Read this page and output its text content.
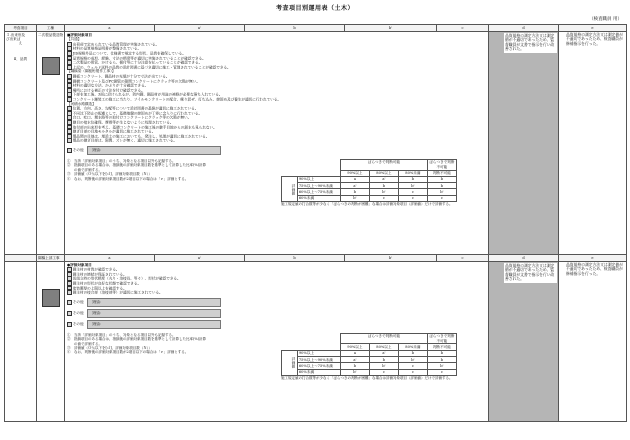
考査項目別運用表（土木）
（検査職員 用）
考査項目	工種	a	a'	b	b'	c	d	e

３.出来形及
び出来ば
え
Ⅱ．品質

二次製品製造物	■評価対象項目
【共通】
出荷前で定められている品質管理が実施されている。
材料の品質規格証明書が整備されている。
JIS規格外品について、仕様書で規定する形状、品質を確保している。
品質規格の成形、経験、寸法の精度等が適切に実施されていることが確認できる。
二次製品の保管、かけるら、据付等に十分注意を払っていることが確認できる。
上記の、ウェルド試料の品質の設計図書に基づき適切に施工・管理されていることが確認できる。
【鋼橋梁（鋼板桁製作工事）】
鋼板コンクリート、鋼品材の充填が十分で寸法が出ている。
鋼橋コンクリート及びPC鋼管の隙間コンクリートにクラック等の欠陥が無い。
材料の適切な方法、かぶりが十分確認できる。
場所における補正の寸法を付け確認できる。
下部を加工後、3面に設けられるが、防内鋼、鋼品材が用途の補修が必要な落ち入れている。
コンクリート舗装工の施工に当たり、ソイルモンクリートの配合、練り混ぜ、打ち込み、締固め及び養生が適切に行われている。
【河積水路構造】
位置、方向、高さ、勾配等について設計図書の基線が適切に施工されている。
不同沈下防止の配慮として、基礎地盤の締固めが丁寧に念入りに行われている。
台口、吐口、堰水路等の取付けコンクリートにクラック等の欠陥が無い。
継目の接水位確保、摩擦等が生じないように処理されている。
取付部の出来形を考え、基礎コンクリートの施工後の継手目地からの漏水も見られない。
継ぎ目部の目地モルタルが適切に施工されている。
製品間の目地は、埋設土の施工においても、発注し、処理が適切に施工されている。
製品の継ぎ目部は、隙間、ズレが無く、適切に施工されている。
その他 ［理由：
①　当該「評価対象項目」のうち、対象となる項目以外も記録する。
②　指摘項目のある場合は、指摘後の評価対象項目数を基準として計算した比率(%)計算
　　の値で評価する。
③　評価値（Ｏ％以下を[ｄ]、評価対象項目数（Ｎ））
④　なお、判断後の評価対象項目数が2項目以下の場合は「ｅ」評価とする。
	ばらつきで判断可能	ばらつきで判断不可能
	90%以上	80%以上	80%未満	判断不可能
評価値	90%以上	a	a'	b	b
75%以上～90%未満	a'	b	b'	b
60%以上～75%未満	b	b'	c	b'
60%未満	b'	c	c	c
施工規定値の打合数等が少なく「ばらつきの判断が困難」な場合は評価対象項目（評価値）だけで評価する。

品質規格の測定方法又は測定値が不適切であったため、監督職員が文書で指示を行い改善された。

品質規格の測定方法又は測定値が不適切であったため、検査職員が修補指示を行った。

	鋼橋上部工事	a	a'	b	b'	c	d	e

●評価対象項目
鋼主材の材質が確認できる。
鋼主材の締結が保証されている。
仮組立時の形状精度（丸り・溶接長、等々）、形状が確認できる。
鋼主材の形状が良好な状態で確認できる。
塗装膜厚の上限以上を確認する。
鋼主材の接合部（溶接部等）が適切に施工されている。
その他 ［理由：
その他 ［理由：
その他 ［理由：
①　当該「評価対象項目」のうち、対象となる項目以外も記録する。
②　指摘項目のある場合は、指摘後の評価対象項目数を基準として計算した比率(%)計算
　　の値で評価する。
③　評価値（Ｏ％以下を[ｄ]、評価対象項目数（Ｎ））
④　なお、判断後の評価対象項目数が2項目以下の場合は「ｅ」評価とする。
	ばらつきで判断可能	ばらつきで判断不可能
	90%以上	80%以上	80%未満	判断不可能
評価値	90%以上	a	a'	b	b
75%以上～90%未満	a'	b	b'	b
60%以上～75%未満	b	b'	c	b'
60%未満	b'	c	c	c
施工規定値の打合数等が少なく「ばらつきの判断が困難」な場合は評価対象項目（評価値）だけで評価する。

品質規格の測定方法又は測定値が不適切であったため、監督職員が文書で指示を行い改善された。

品質規格の測定方法又は測定値が不適切であったため、検査職員が修補指示を行った。
